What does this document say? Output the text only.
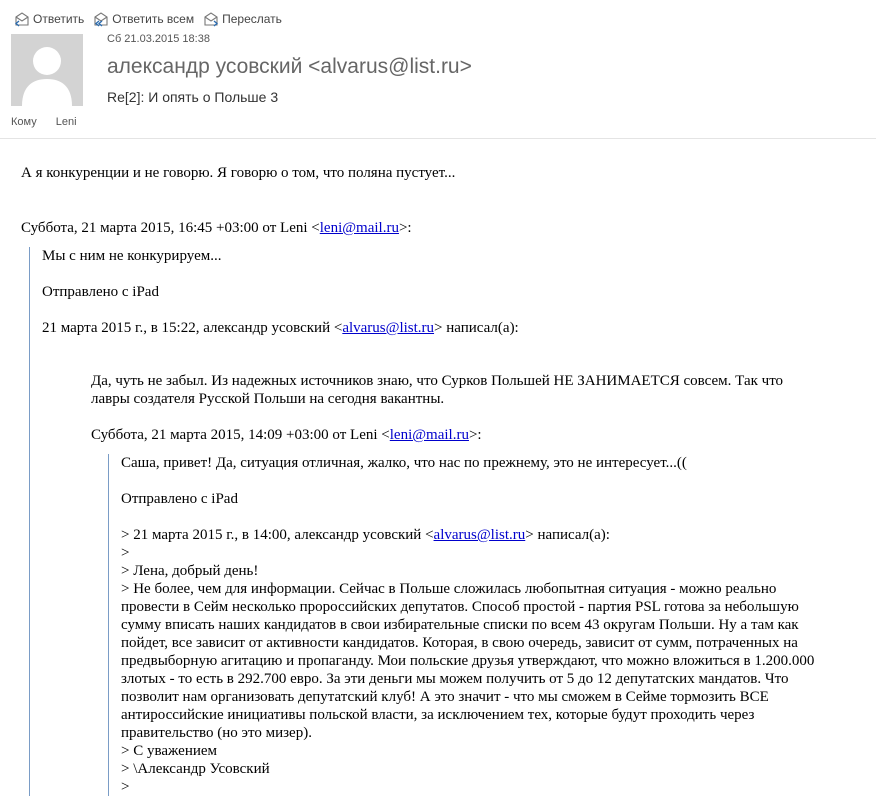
Ответить Ответить всем Переслать
Сб 21.03.2015 18:38
александр усовский <alvarus@list.ru>
Re[2]: И опять о Польше 3
Кому Leni

А я конкуренции и не говорю. Я говорю о том, что поляна пустует...

Суббота, 21 марта 2015, 16:45 +03:00 от Leni <leni@mail.ru>:

Мы с ним не конкурируем...

Отправлено с iPad

21 марта 2015 г., в 15:22, александр усовский <alvarus@list.ru> написал(а):

Да, чуть не забыл. Из надежных источников знаю, что Сурков Польшей НЕ ЗАНИМАЕТСЯ совсем. Так что

лавры создателя Русской Польши на сегодня вакантны.

Суббота, 21 марта 2015, 14:09 +03:00 от Leni <leni@mail.ru>:

Саша, привет! Да, ситуация отличная, жалко, что нас по прежнему, это не интересует...((

Отправлено с iPad

> 21 марта 2015 г., в 14:00, александр усовский <alvarus@list.ru> написал(а):

>

> Лена, добрый день!

> Не более, чем для информации. Сейчас в Польше сложилась любопытная ситуация - можно реально

провести в Сейм несколько пророссийских депутатов. Способ простой - партия PSL готова за небольшую

сумму вписать наших кандидатов в свои избирательные списки по всем 43 округам Польши. Ну а там как

пойдет, все зависит от активности кандидатов. Которая, в свою очередь, зависит от сумм, потраченных на

предвыборную агитацию и пропаганду. Мои польские друзья утверждают, что можно вложиться в 1.200.000

злотых - то есть в 292.700 евро. За эти деньги мы можем получить от 5 до 12 депутатских мандатов. Что

позволит нам организовать депутатский клуб! А это значит - что мы сможем в Сейме тормозить ВСЕ

антироссийские инициативы польской власти, за исключением тех, которые будут проходить через

правительство (но это мизер).

> С уважением

> \Александр Усовский

>
